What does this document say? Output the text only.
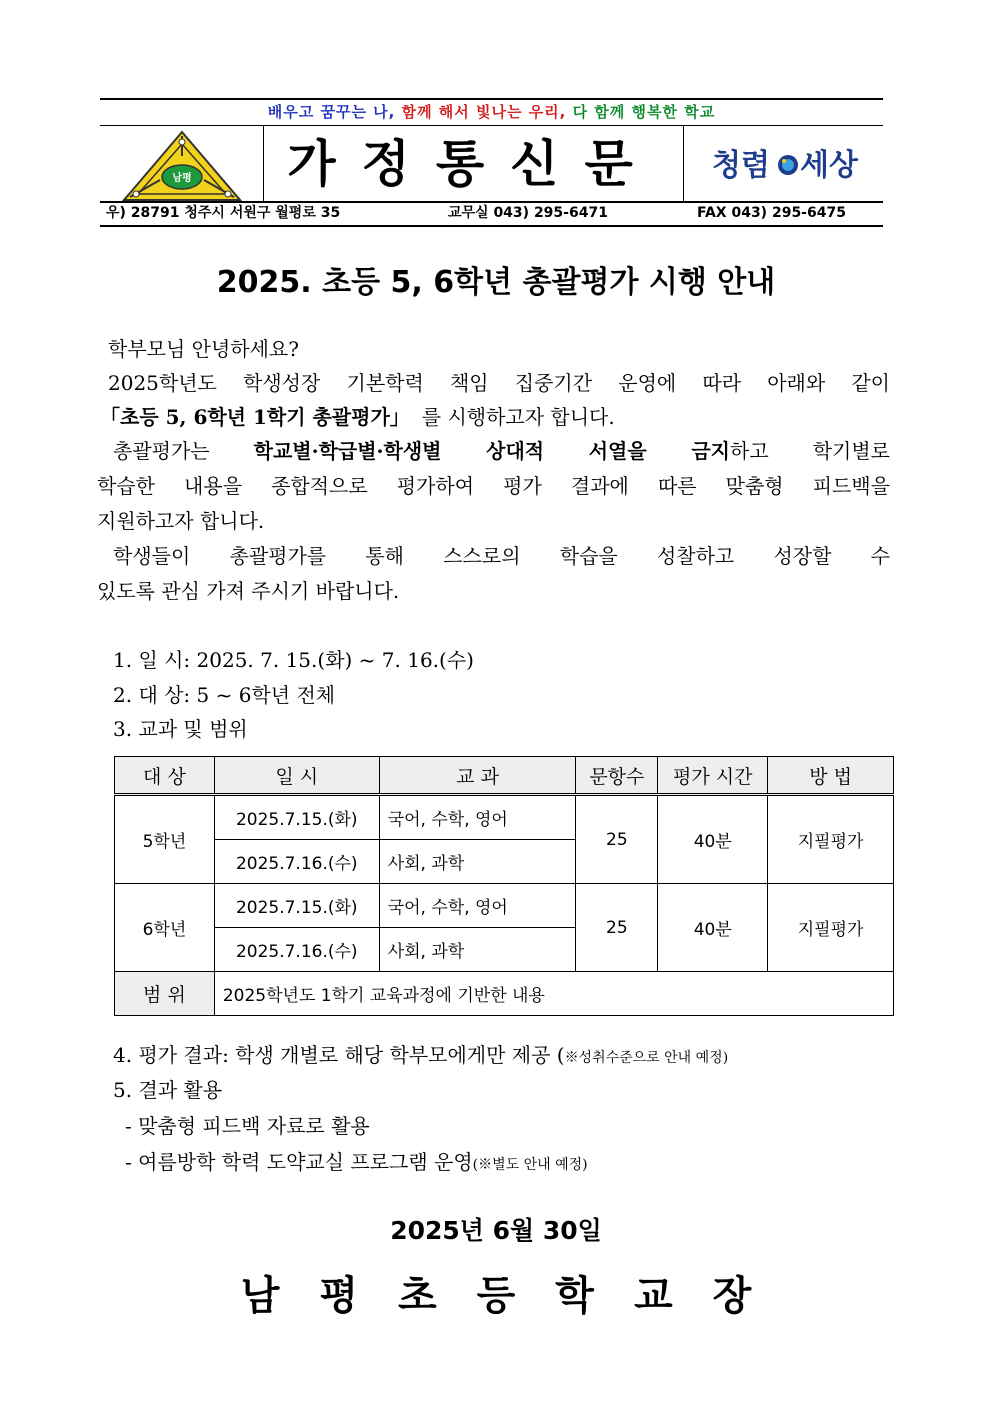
배우고 꿈꾸는 나, 함께 해서 빛나는 우리, 다 함께 행복한 학교
남평	가정통신문	청렴 세상
우) 28791 청주시 서원구 월평로 35	교무실 043) 295-6471	FAX 043) 295-6475
2025. 초등 5, 6학년 총괄평가 시행 안내
학부모님 안녕하세요?
2025학년도 학생성장 기본학력 책임 집중기간 운영에 따라 아래와 같이
「초등 5, 6학년 1학기 총괄평가」 를 시행하고자 합니다.
총괄평가는 학교별·학급별·학생별 상대적 서열을 금지하고 학기별로
학습한 내용을 종합적으로 평가하여 평가 결과에 따른 맞춤형 피드백을
지원하고자 합니다.
학생들이 총괄평가를 통해 스스로의 학습을 성찰하고 성장할 수
있도록 관심 가져 주시기 바랍니다.
1. 일 시: 2025. 7. 15.(화) ~ 7. 16.(수)
2. 대 상: 5 ~ 6학년 전체
3. 교과 및 범위
대 상	일 시	교 과	문항수	평가 시간	방 법
5학년	2025.7.15.(화)	국어, 수학, 영어	25	40분	지필평가
	2025.7.16.(수)	사회, 과학			
6학년	2025.7.15.(화)	국어, 수학, 영어	25	40분	지필평가
	2025.7.16.(수)	사회, 과학			
범 위	2025학년도 1학기 교육과정에 기반한 내용				
4. 평가 결과: 학생 개별로 해당 학부모에게만 제공 (※성취수준으로 안내 예정)
5. 결과 활용
- 맞춤형 피드백 자료로 활용
- 여름방학 학력 도약교실 프로그램 운영(※별도 안내 예정)
2025년 6월 30일
남평초등학교장
